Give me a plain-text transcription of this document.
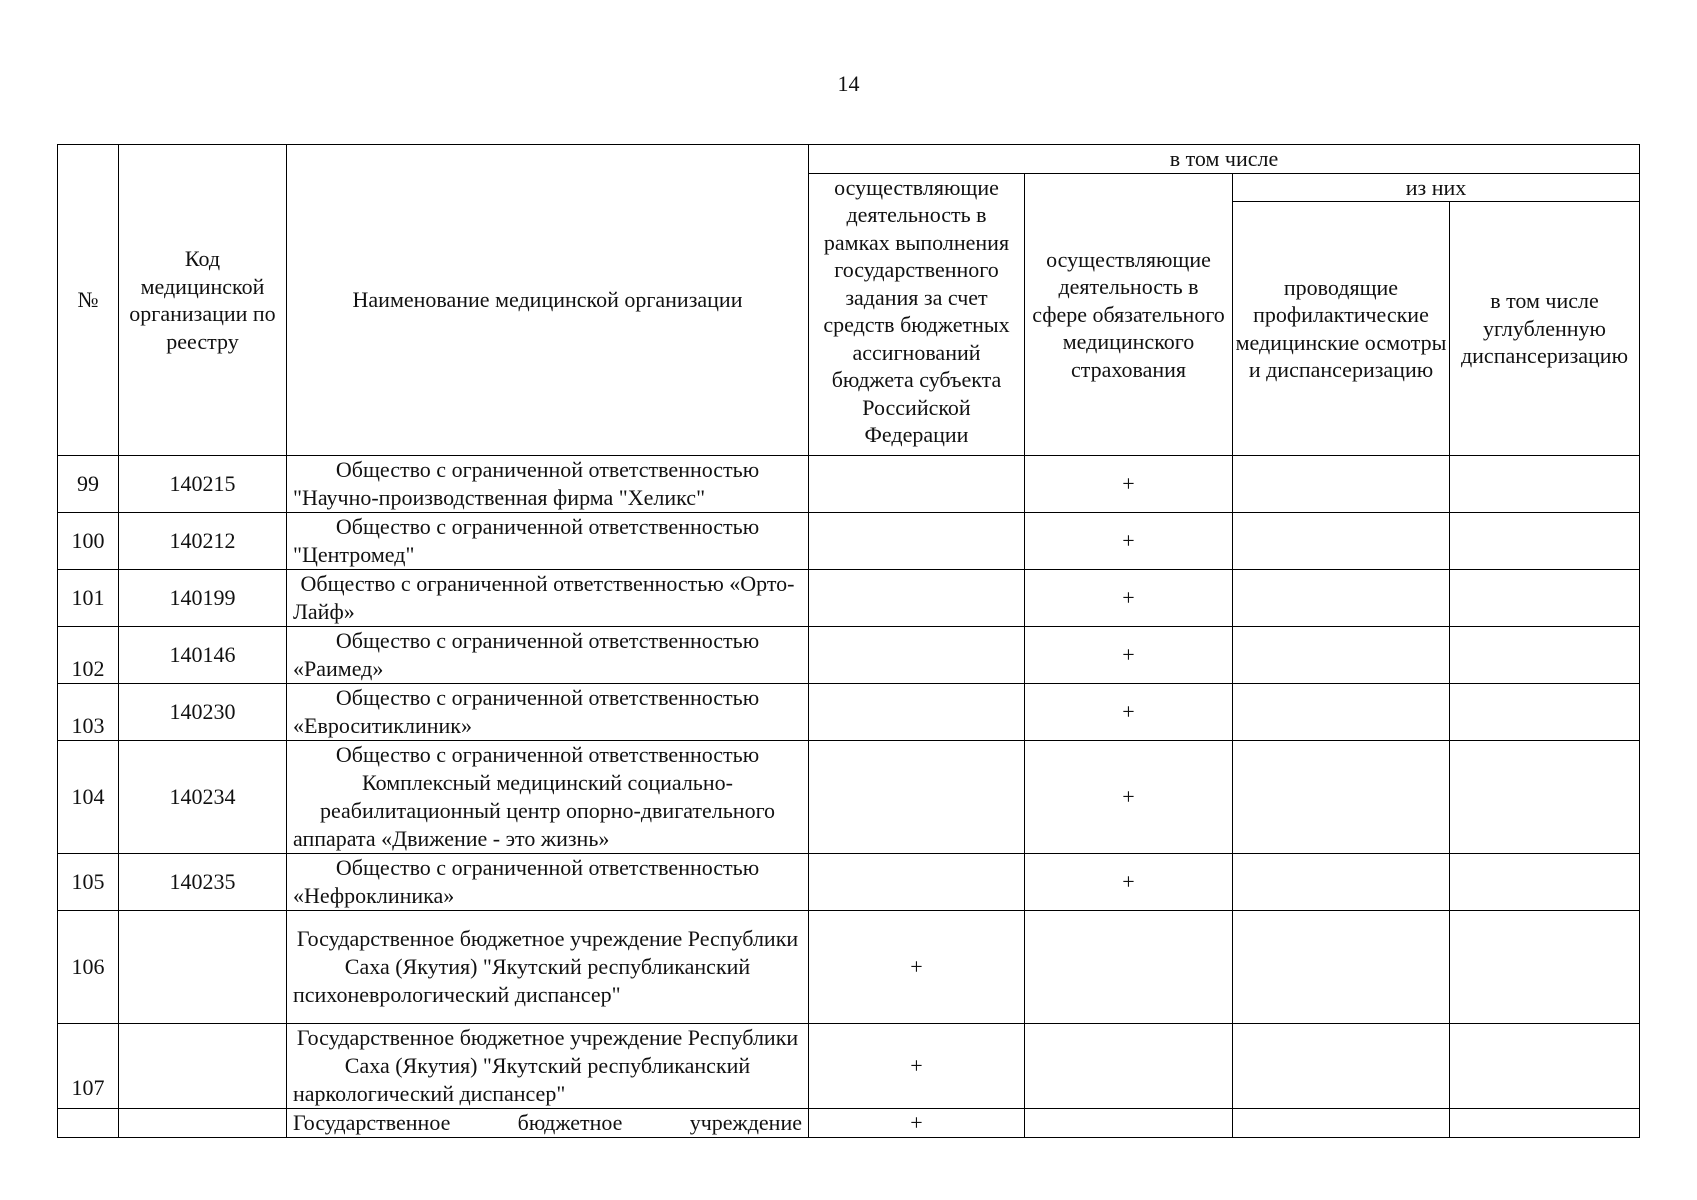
14
№	Код медицинской организации по реестру	Наименование медицинской организации	в том числе			
			осуществляющие деятельность в рамках выполнения государственного задания за счет средств бюджетных ассигнований бюджета субъекта Российской Федерации	осуществляющие деятельность в сфере обязательного медицинского страхования	из них	
					проводящие профилактические медицинские осмотры и диспансеризацию	в том числе углубленную диспансеризацию
99	140215	Общество с ограниченной ответственностью "Научно-производственная фирма "Хеликс"		+		
100	140212	Общество с ограниченной ответственностью "Центромед"		+		
101	140199	Общество с ограниченной ответственностью «Орто-Лайф»		+		
102	140146	Общество с ограниченной ответственностью «Раимед»		+		
103	140230	Общество с ограниченной ответственностью «Евроситиклиник»		+		
104	140234	Общество с ограниченной ответственностью Комплексный медицинский социально-реабилитационный центр опорно-двигательного аппарата «Движение - это жизнь»		+		
105	140235	Общество с ограниченной ответственностью «Нефроклиника»		+		
106		Государственное бюджетное учреждение Республики Саха (Якутия) "Якутский республиканский психоневрологический диспансер"	+			
107		Государственное бюджетное учреждение Республики Саха (Якутия) "Якутский республиканский наркологический диспансер"	+			
		Государственное бюджетное учреждение	+			
